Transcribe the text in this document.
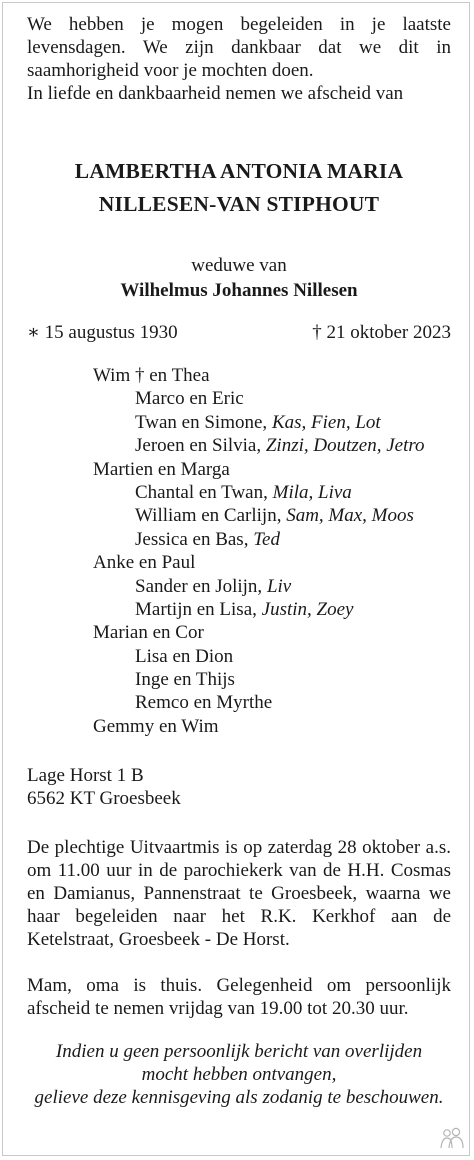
We hebben je mogen begeleiden in je laatste levensdagen. We zijn dankbaar dat we dit in saamhorigheid voor je mochten doen.

In liefde en dankbaarheid nemen we afscheid van

LAMBERTHA ANTONIA MARIA
NILLESEN-VAN STIPHOUT
weduwe van
Wilhelmus Johannes Nillesen
∗ 15 augustus 1930	† 21 oktober 2023
Wim † en Thea
Marco en Eric
Twan en Simone, Kas, Fien, Lot
Jeroen en Silvia, Zinzi, Doutzen, Jetro
Martien en Marga
Chantal en Twan, Mila, Liva
William en Carlijn, Sam, Max, Moos
Jessica en Bas, Ted
Anke en Paul
Sander en Jolijn, Liv
Martijn en Lisa, Justin, Zoey
Marian en Cor
Lisa en Dion
Inge en Thijs
Remco en Myrthe
Gemmy en Wim
Lage Horst 1 B
6562 KT Groesbeek

De plechtige Uitvaartmis is op zaterdag 28 oktober a.s. om 11.00 uur in de parochiekerk van de H.H. Cosmas en Damianus, Pannenstraat te Groesbeek, waarna we haar begeleiden naar het R.K. Kerkhof aan de Ketelstraat, Groesbeek - De Horst.

Mam, oma is thuis. Gelegenheid om persoonlijk afscheid te nemen vrijdag van 19.00 tot 20.30 uur.

Indien u geen persoonlijk bericht van overlijden
mocht hebben ontvangen,
gelieve deze kennisgeving als zodanig te beschouwen.
